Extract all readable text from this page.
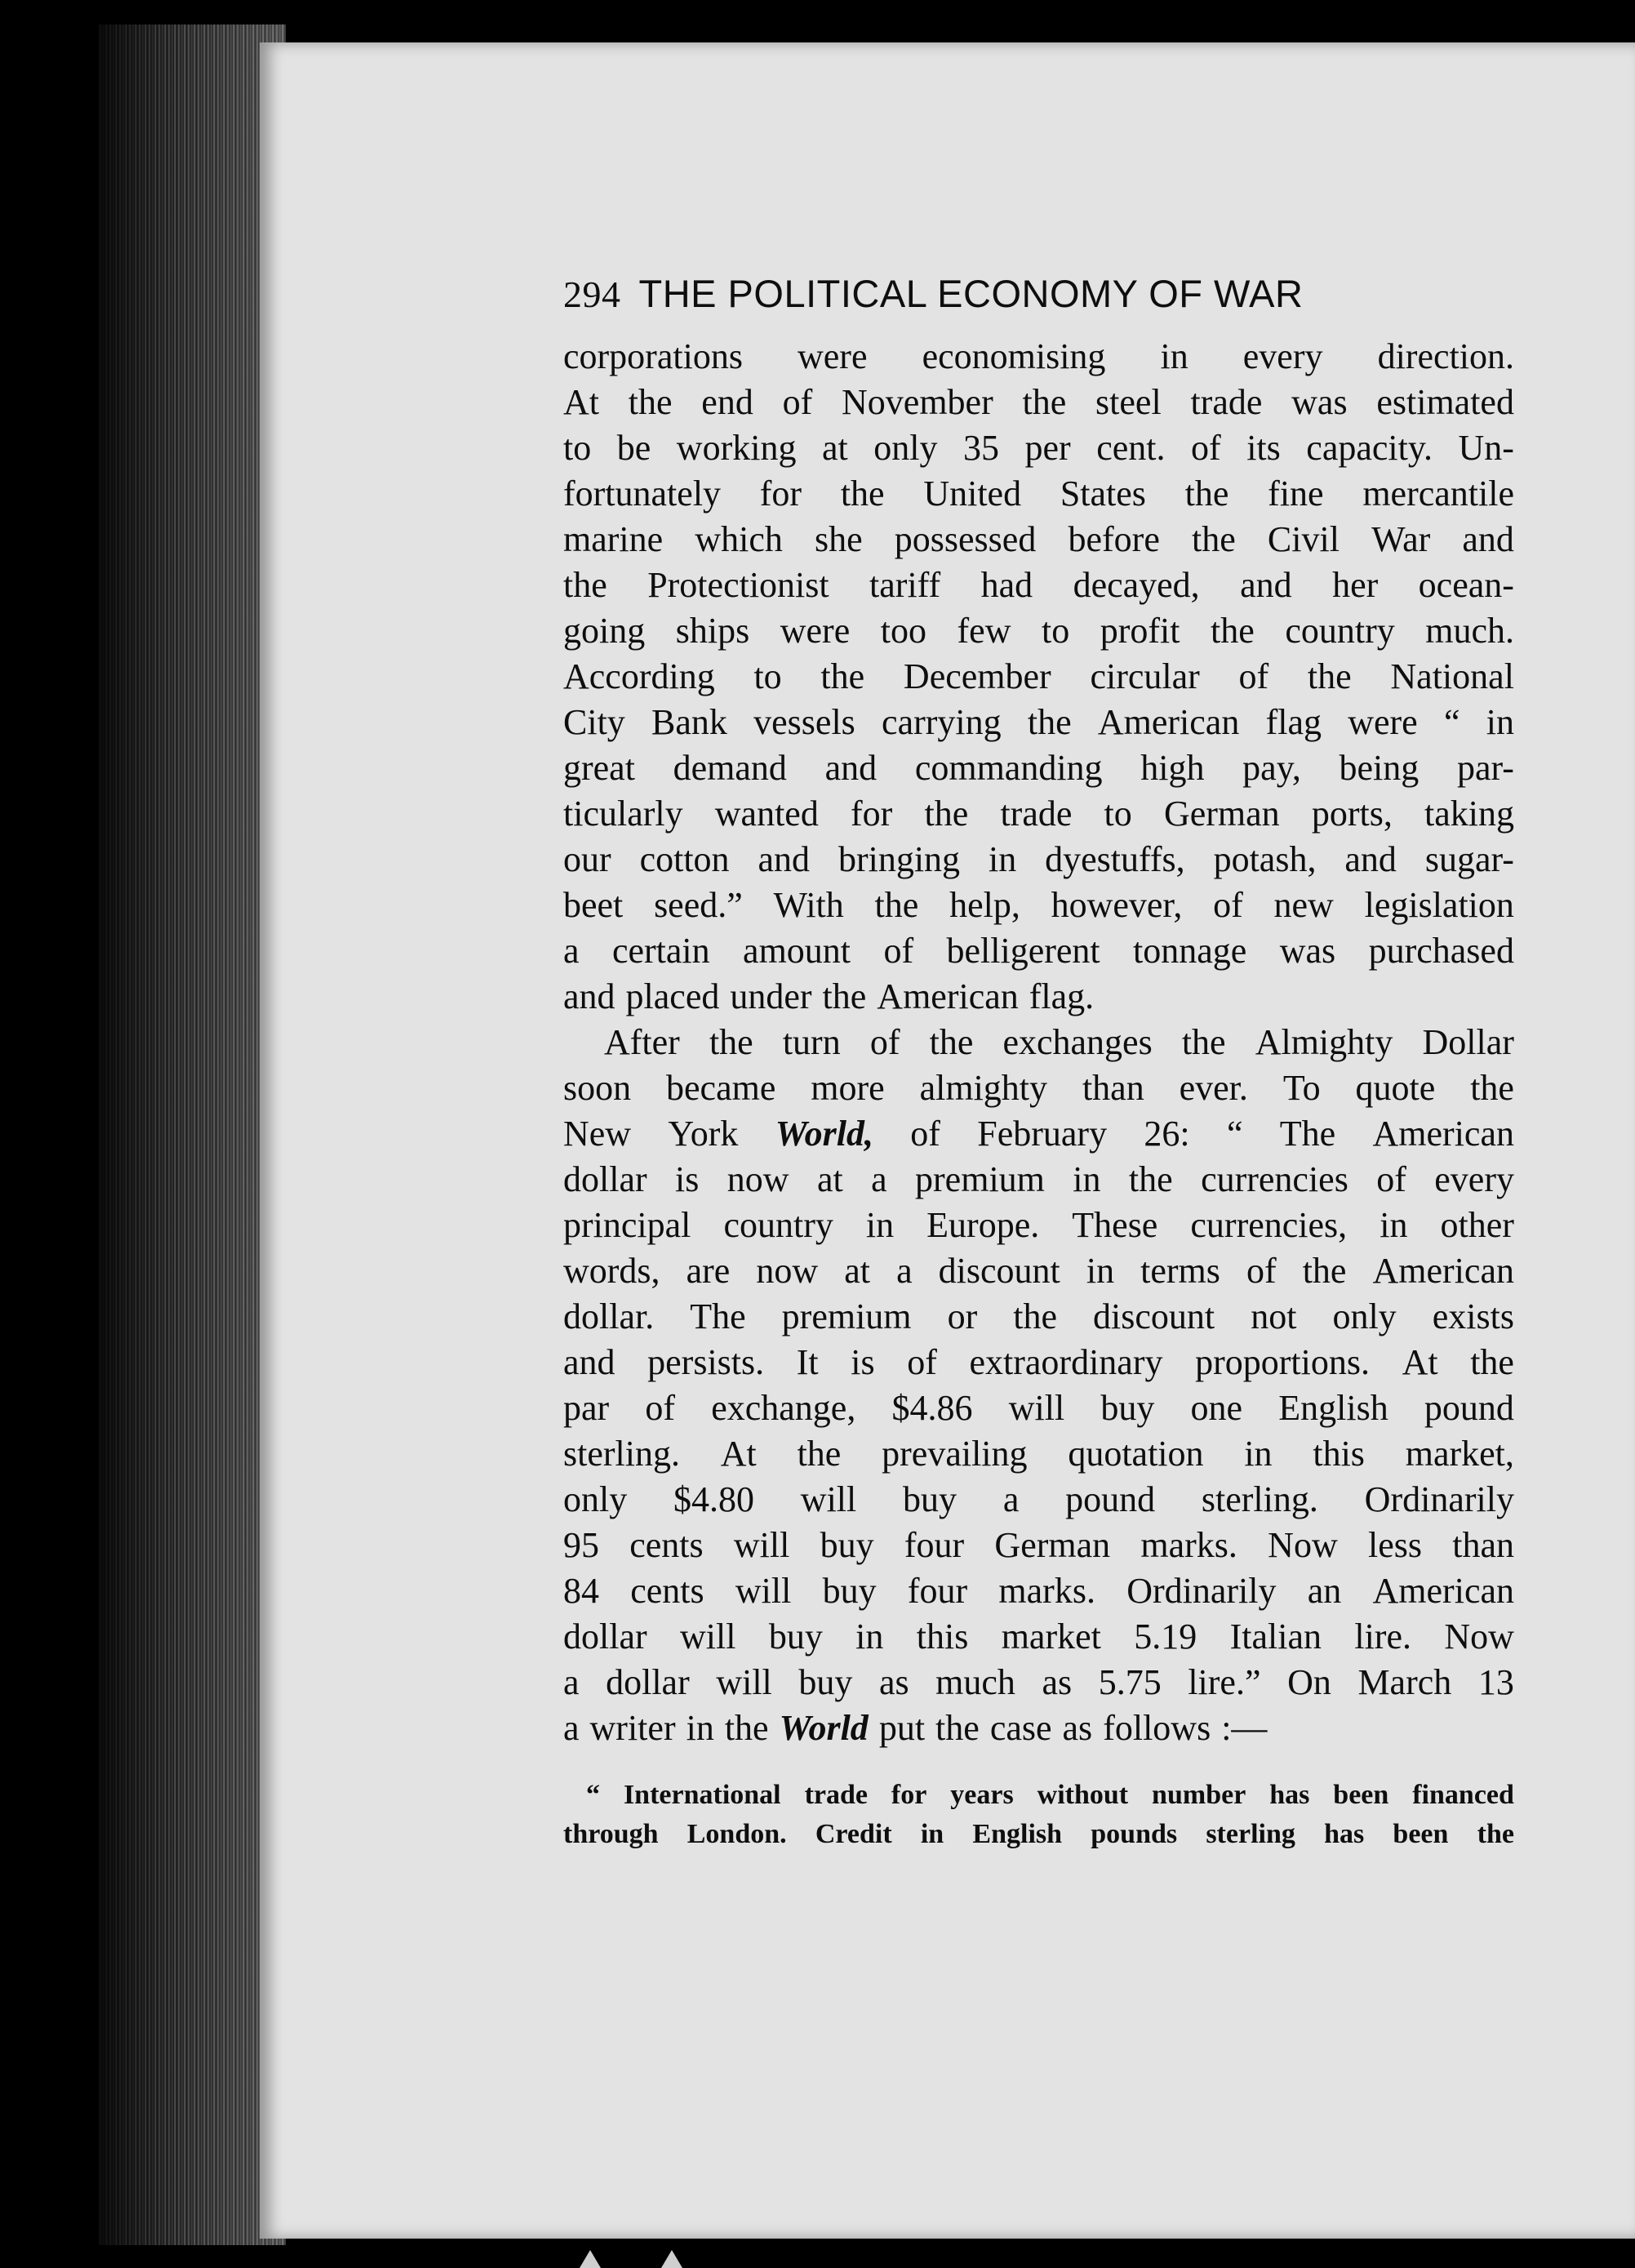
294 THE POLITICAL ECONOMY OF WAR
corporations were economising in every direction.
At the end of November the steel trade was estimated
to be working at only 35 per cent. of its capacity. Un-
fortunately for the United States the fine mercantile
marine which she possessed before the Civil War and
the Protectionist tariff had decayed, and her ocean-
going ships were too few to profit the country much.
According to the December circular of the National
City Bank vessels carrying the American flag were “ in
great demand and commanding high pay, being par-
ticularly wanted for the trade to German ports, taking
our cotton and bringing in dyestuffs, potash, and sugar-
beet seed.” With the help, however, of new legislation
a certain amount of belligerent tonnage was purchased
and placed under the American flag.
After the turn of the exchanges the Almighty Dollar
soon became more almighty than ever. To quote the
New York World, of February 26: “ The American
dollar is now at a premium in the currencies of every
principal country in Europe. These currencies, in other
words, are now at a discount in terms of the American
dollar. The premium or the discount not only exists
and persists. It is of extraordinary proportions. At the
par of exchange, $4.86 will buy one English pound
sterling. At the prevailing quotation in this market,
only $4.80 will buy a pound sterling. Ordinarily
95 cents will buy four German marks. Now less than
84 cents will buy four marks. Ordinarily an American
dollar will buy in this market 5.19 Italian lire. Now
a dollar will buy as much as 5.75 lire.” On March 13
a writer in the World put the case as follows :—
“ International trade for years without number has been financed
through London. Credit in English pounds sterling has been the
